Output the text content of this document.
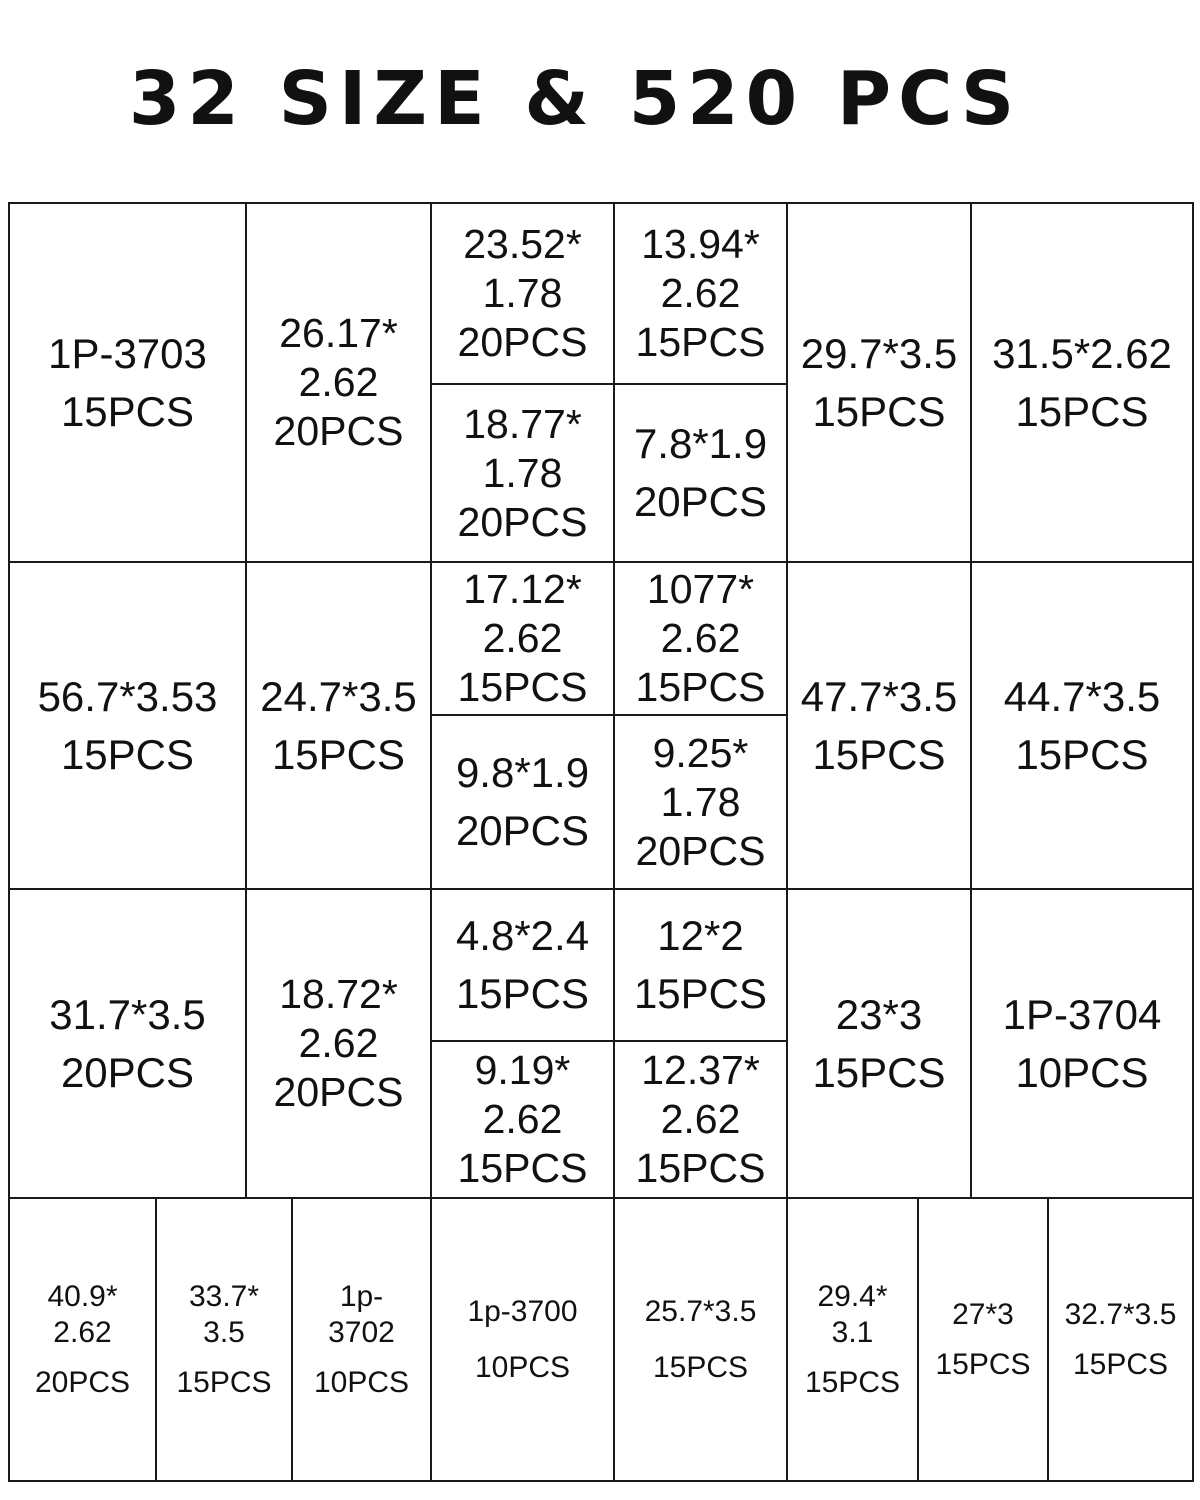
32 SIZE & 520 PCS
1P-3703
15PCS
26.17*
2.62
20PCS
23.52*
1.78
20PCS
13.94*
2.62
15PCS
18.77*
1.78
20PCS
7.8*1.9
20PCS
29.7*3.5
15PCS
31.5*2.62
15PCS
56.7*3.53
15PCS
24.7*3.5
15PCS
17.12*
2.62
15PCS
1077*
2.62
15PCS
9.8*1.9
20PCS
9.25*
1.78
20PCS
47.7*3.5
15PCS
44.7*3.5
15PCS
31.7*3.5
20PCS
18.72*
2.62
20PCS
4.8*2.4
15PCS
12*2
15PCS
9.19*
2.62
15PCS
12.37*
2.62
15PCS
23*3
15PCS
1P-3704
10PCS
40.9*
2.62
20PCS
33.7*
3.5
15PCS
1p-
3702
10PCS
1p-3700
10PCS
25.7*3.5
15PCS
29.4*
3.1
15PCS
27*3
15PCS
32.7*3.5
15PCS
